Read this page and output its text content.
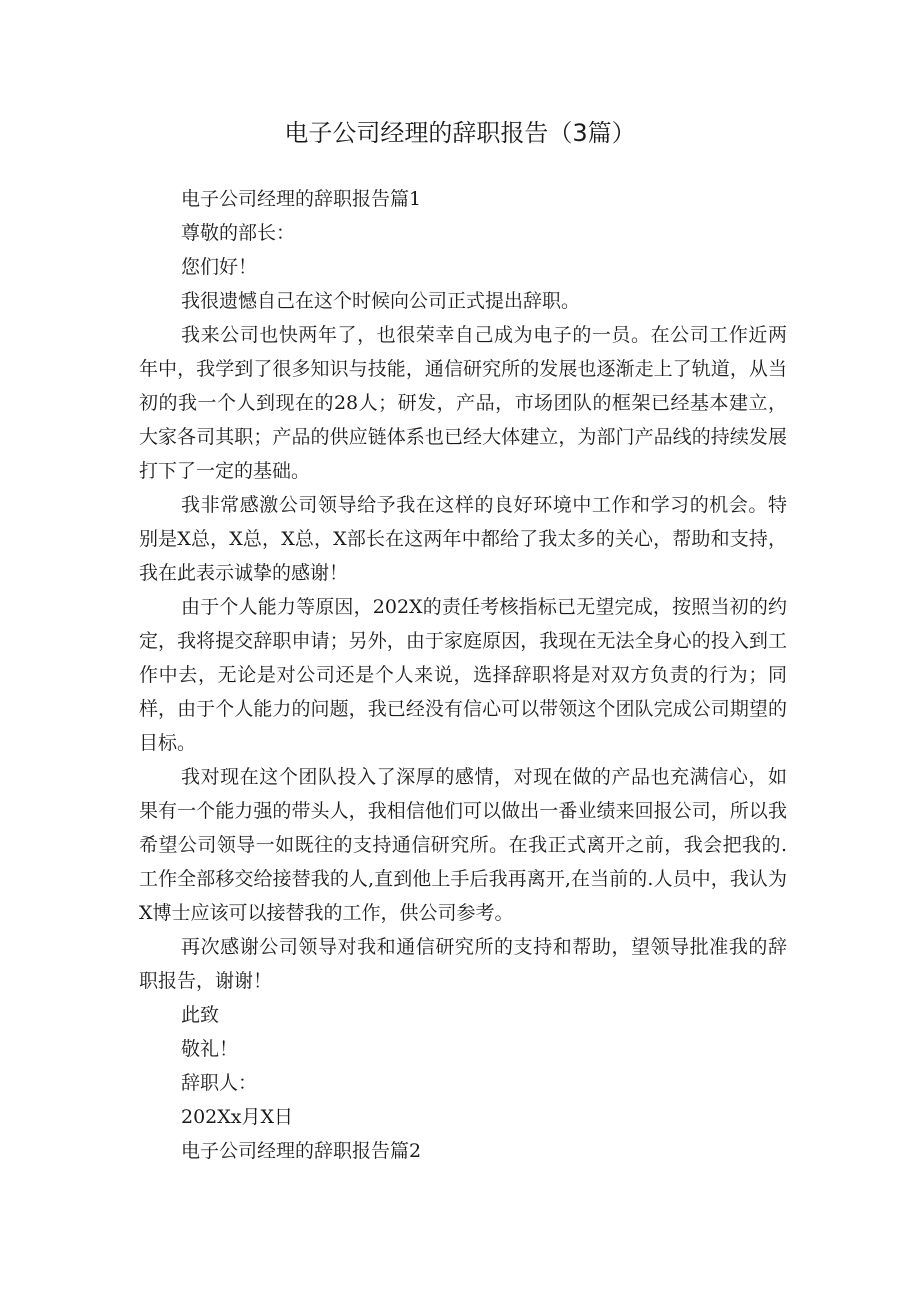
电子公司经理的辞职报告（3篇）

电子公司经理的辞职报告篇1

尊敬的部长：

您们好！

我很遗憾自己在这个时候向公司正式提出辞职。

我来公司也快两年了，也很荣幸自己成为电子的一员。在公司工作近两年中，我学到了很多知识与技能，通信研究所的发展也逐渐走上了轨道，从当初的我一个人到现在的28人；研发，产品，市场团队的框架已经基本建立，大家各司其职；产品的供应链体系也已经大体建立，为部门产品线的持续发展打下了一定的基础。

我非常感激公司领导给予我在这样的良好环境中工作和学习的机会。特别是X总，X总，X总，X部长在这两年中都给了我太多的关心，帮助和支持，我在此表示诚挚的感谢！

由于个人能力等原因，202X的责任考核指标已无望完成，按照当初的约定，我将提交辞职申请；另外，由于家庭原因，我现在无法全身心的投入到工作中去，无论是对公司还是个人来说，选择辞职将是对双方负责的行为；同样，由于个人能力的问题，我已经没有信心可以带领这个团队完成公司期望的目标。

我对现在这个团队投入了深厚的感情，对现在做的产品也充满信心，如果有一个能力强的带头人，我相信他们可以做出一番业绩来回报公司，所以我希望公司领导一如既往的支持通信研究所。在我正式离开之前，我会把我的.工作全部移交给接替我的人,直到他上手后我再离开,在当前的.人员中，我认为X博士应该可以接替我的工作，供公司参考。

再次感谢公司领导对我和通信研究所的支持和帮助，望领导批准我的辞职报告，谢谢！

此致

敬礼！

辞职人：

202Xx月X日

电子公司经理的辞职报告篇2
